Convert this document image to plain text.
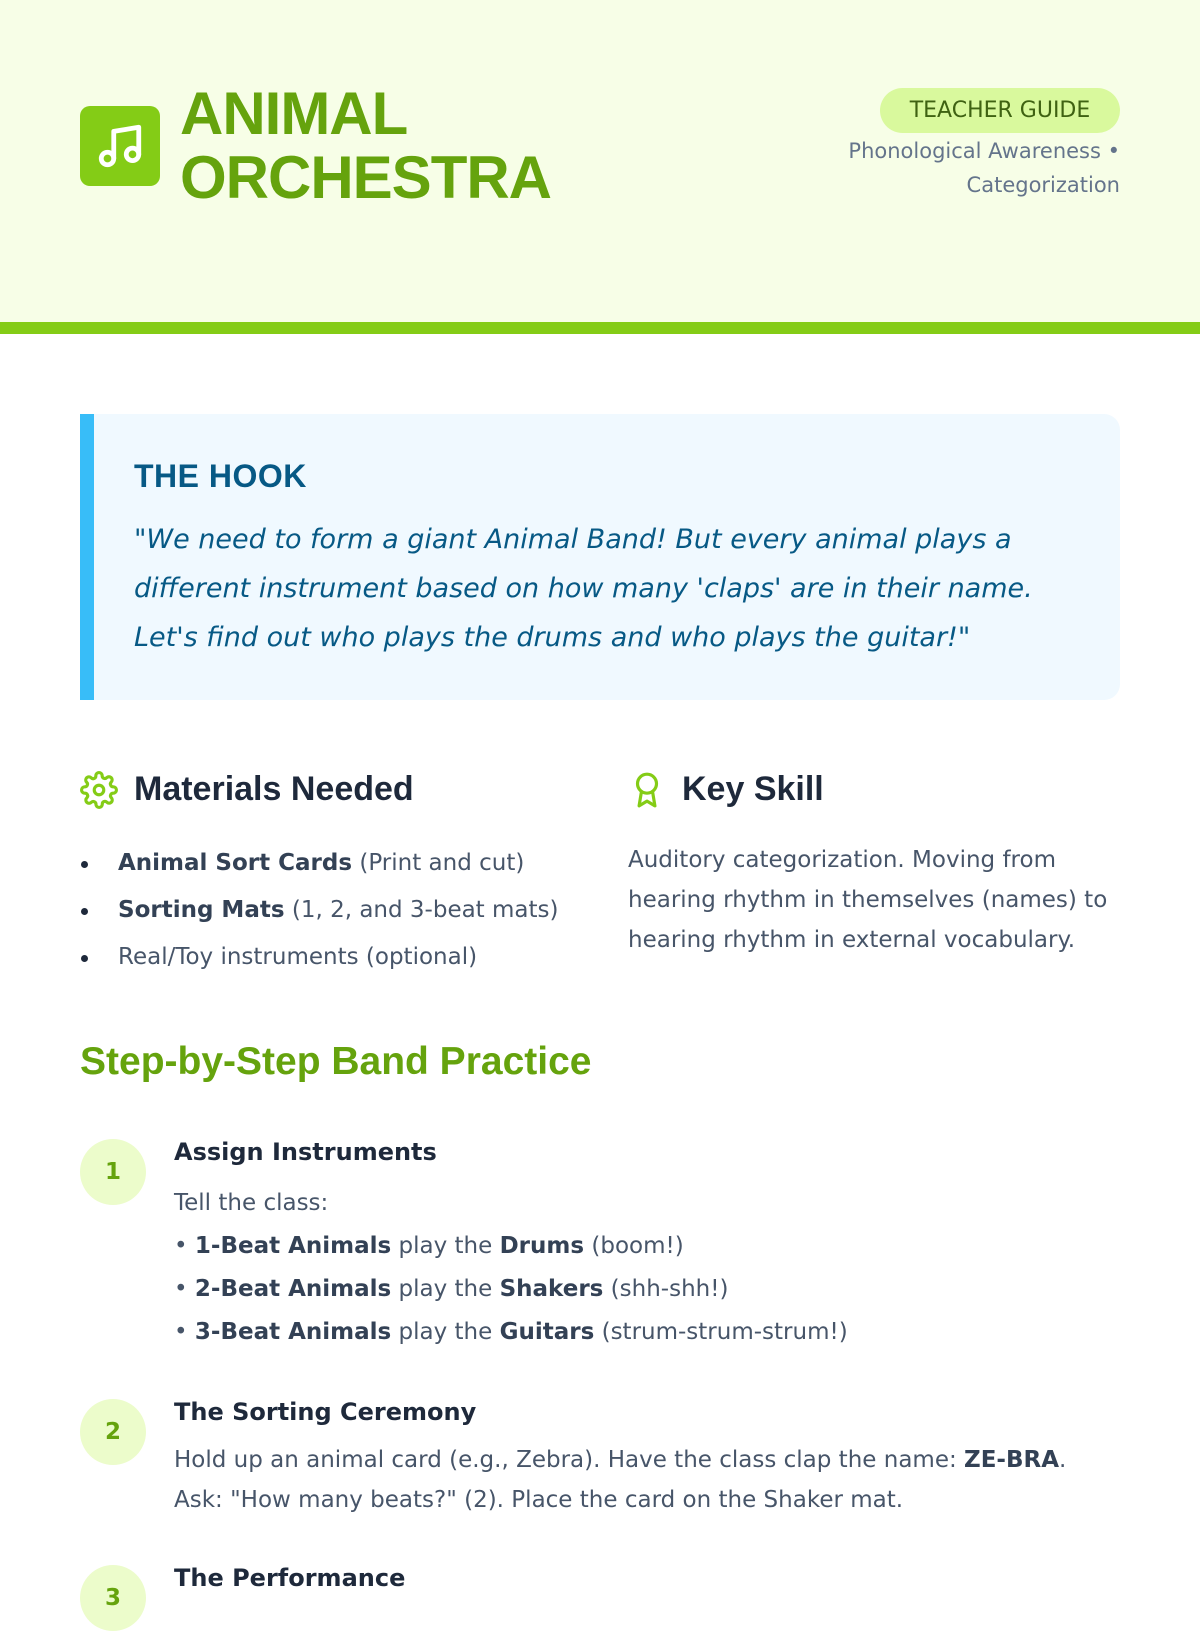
ANIMAL
ORCHESTRA
TEACHER GUIDE
Phonological Awareness •
Categorization
THE HOOK

"We need to form a giant Animal Band! But every animal plays a
different instrument based on how many 'claps' are in their name.
Let's find out who plays the drums and who plays the guitar!"

Materials Needed
Animal Sort Cards (Print and cut)
Sorting Mats (1, 2, and 3-beat mats)
Real/Toy instruments (optional)
Key Skill

Auditory categorization. Moving from
hearing rhythm in themselves (names) to
hearing rhythm in external vocabulary.

Step-by-Step Band Practice
1
Assign Instruments
Tell the class:
• 1-Beat Animals play the Drums (boom!)
• 2-Beat Animals play the Shakers (shh-shh!)
• 3-Beat Animals play the Guitars (strum-strum-strum!)
2
The Sorting Ceremony
Hold up an animal card (e.g., Zebra). Have the class clap the name: ZE-BRA.
Ask: "How many beats?" (2). Place the card on the Shaker mat.
3
The Performance
